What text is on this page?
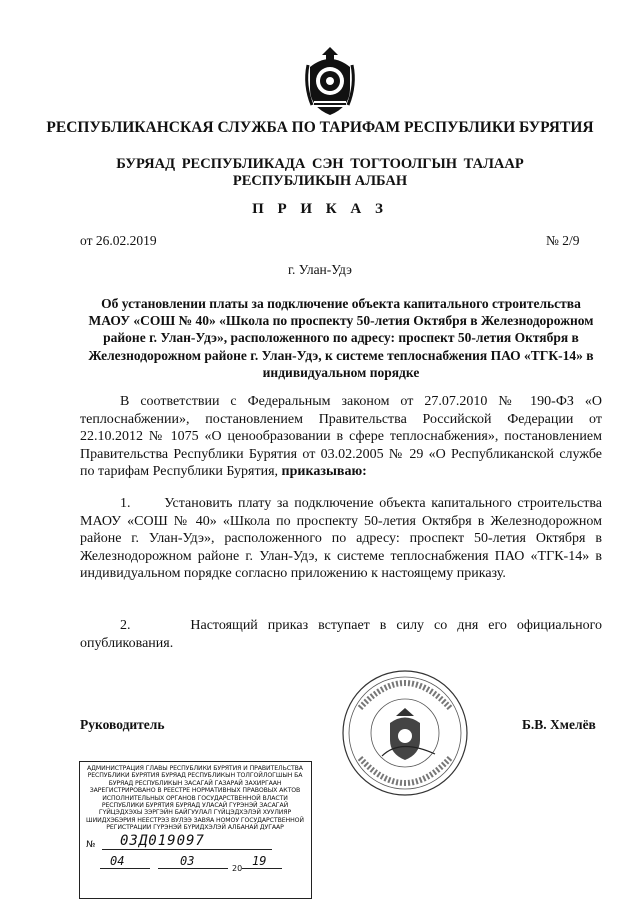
РЕСПУБЛИКАНСКАЯ СЛУЖБА ПО ТАРИФАМ РЕСПУБЛИКИ БУРЯТИЯ
БУРЯАД РЕСПУБЛИКАДА СЭН ТОГТООЛГЫН ТАЛААР
РЕСПУБЛИКЫН АЛБАН
П Р И К А З
от 26.02.2019	№ 2/9
г. Улан-Удэ
Об установлении платы за подключение объекта капитального строительства МАОУ «СОШ № 40» «Школа по проспекту 50-летия Октября в Железнодорожном районе г. Улан-Удэ», расположенного по адресу: проспект 50-летия Октября в Железнодорожном районе г. Улан-Удэ, к системе теплоснабжения ПАО «ТГК-14» в индивидуальном порядке
В соответствии с Федеральным законом от 27.07.2010 № 190-ФЗ «О теплоснабжении», постановлением Правительства Российской Федерации от 22.10.2012 № 1075 «О ценообразовании в сфере теплоснабжения», постановлением Правительства Республики Бурятия от 03.02.2005 № 29 «О Республиканской службе по тарифам Республики Бурятия, приказываю:
1. Установить плату за подключение объекта капитального строительства МАОУ «СОШ № 40» «Школа по проспекту 50-летия Октября в Железнодорожном районе г. Улан-Удэ», расположенного по адресу: проспект 50-летия Октября в Железнодорожном районе г. Улан-Удэ, к системе теплоснабжения ПАО «ТГК-14» в индивидуальном порядке согласно приложению к настоящему приказу.
2.	Настоящий приказ вступает в силу со дня его официального опубликования.
Руководитель	Б.В. Хмелёв
АДМИНИСТРАЦИЯ ГЛАВЫ РЕСПУБЛИКИ БУРЯТИЯ И ПРАВИТЕЛЬСТВА РЕСПУБЛИКИ БУРЯТИЯ БУРЯАД РЕСПУБЛИКЫН ТОЛГОЙЛОГШЫН БА БУРЯАД РЕСПУБЛИКЫН ЗАСАГАЙ ГАЗАРАЙ ЗАХИРГААН ЗАРЕГИСТРИРОВАНО В РЕЕСТРЕ НОРМАТИВНЫХ ПРАВОВЫХ АКТОВ ИСПОЛНИТЕЛЬНЫХ ОРГАНОВ ГОСУДАРСТВЕННОЙ ВЛАСТИ РЕСПУБЛИКИ БУРЯТИЯ БУРЯАД УЛАСАЙ ГҮРЭНЭЙ ЗАСАГАЙ ГҮЙЦЭДХЭХЫ ЗЭРГЭЙН БАЙГУУЛАЛ ГҮЙЦЭДХЭЛЭЙ ХУУЛИЯР ШИИДХЭБЭРИЯ НЕЕСТРЭЗ ВУЛЭЭ ЗАВЯА НОМОУ ГОСУДАРСТВЕННОЙ РЕГИСТРАЦИИ ГҮРЭНЭЙ БҮРИДХЭЛЭЙ АЛБАНАЙ ДУГААР
№ 03Д019097
04	03
20
19
